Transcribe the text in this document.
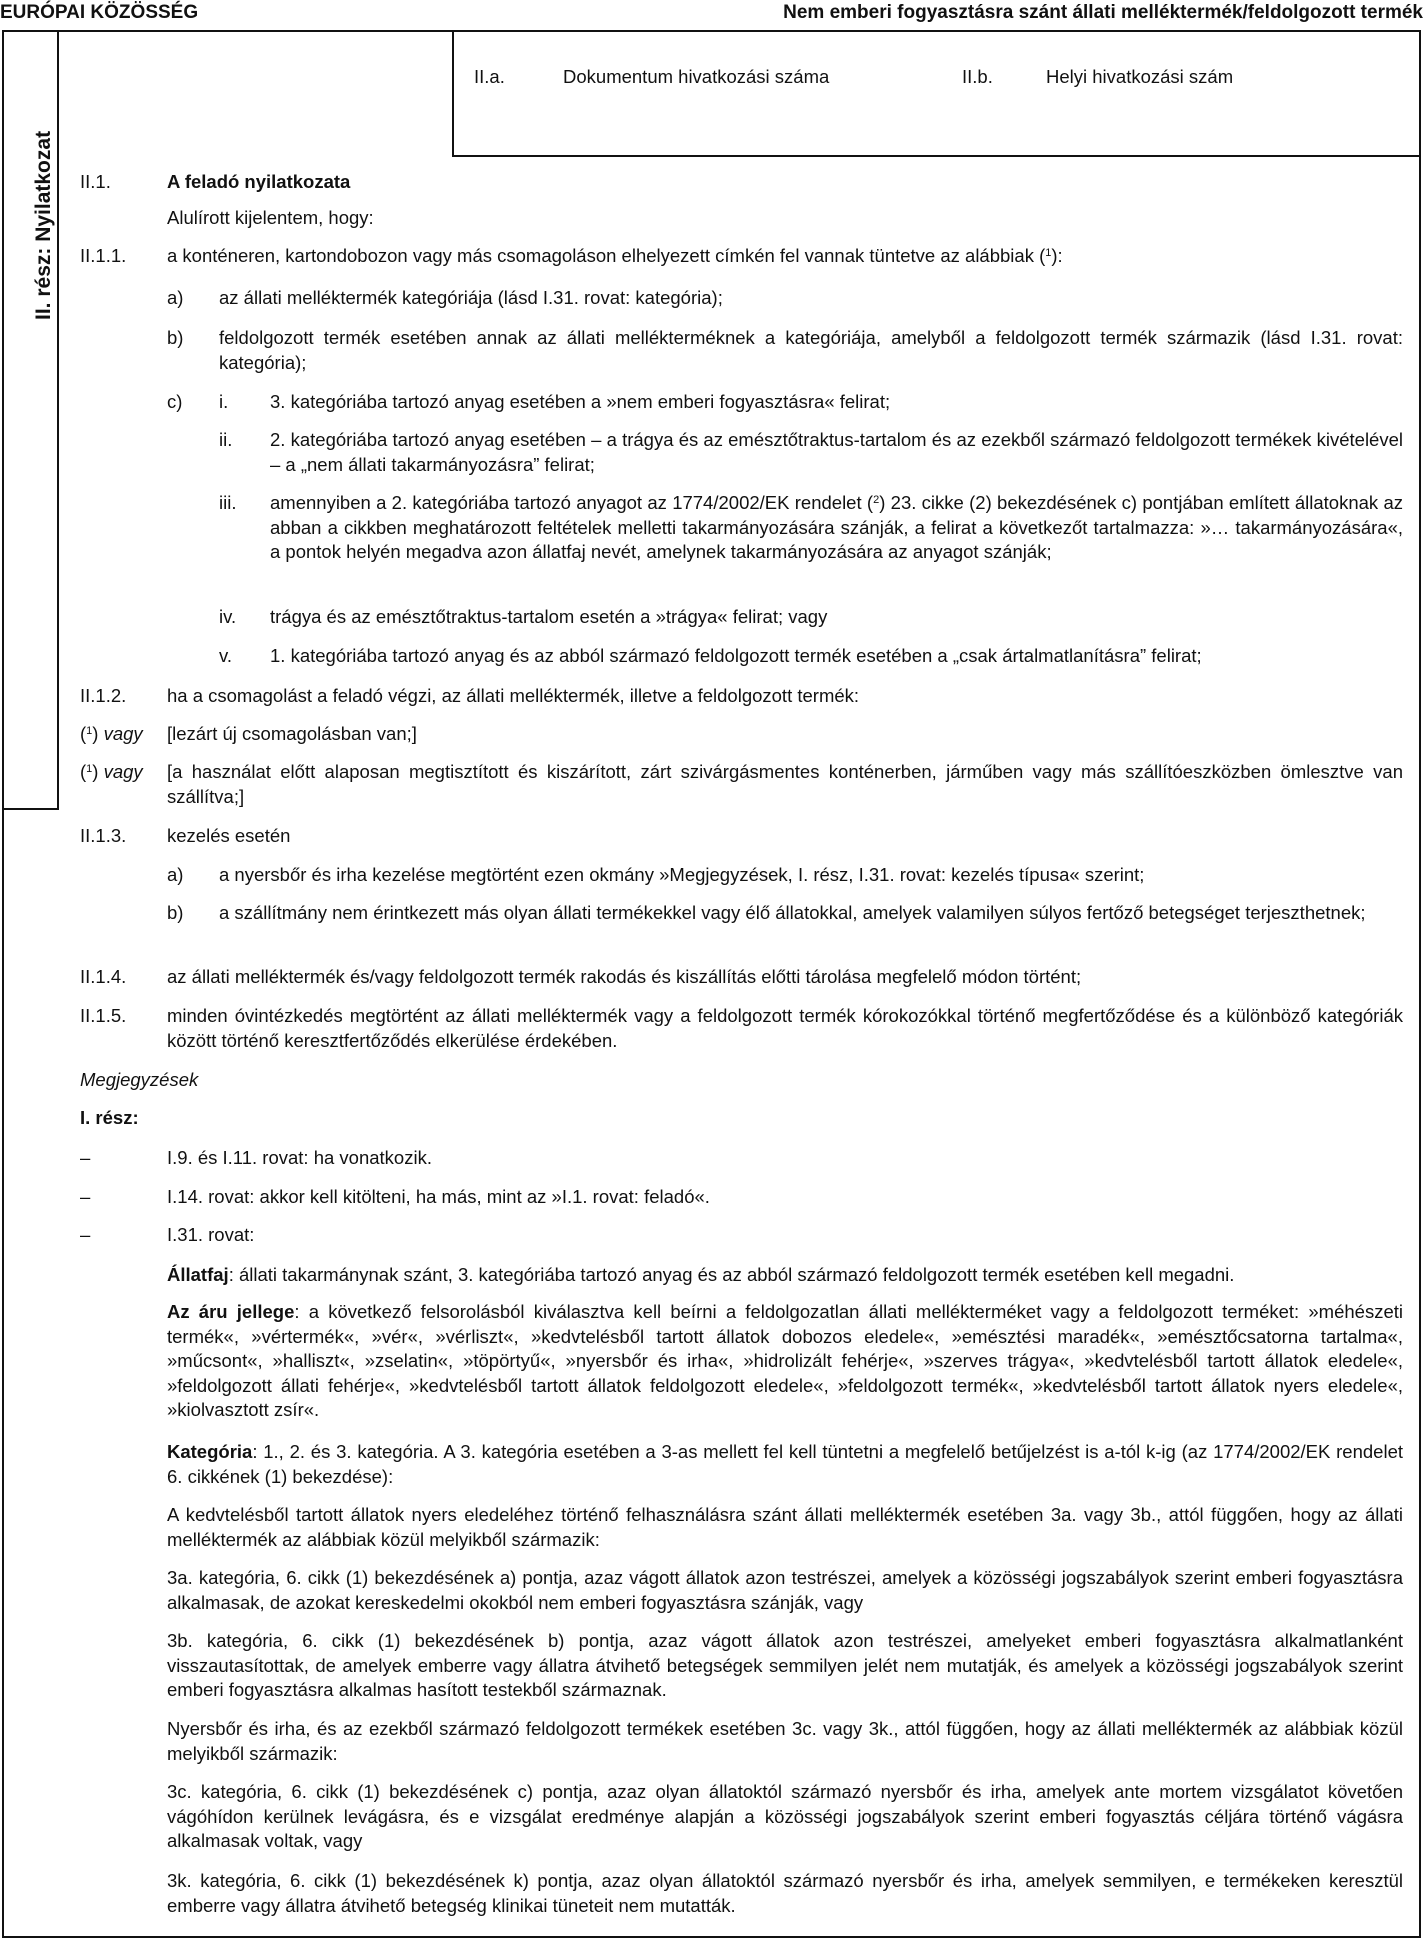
EURÓPAI KÖZÖSSÉG	Nem emberi fogyasztásra szánt állati melléktermék/feldolgozott termék
II. rész: Nyilatkozat
II.a.	Dokumentum hivatkozási száma	II.b.	Helyi hivatkozási szám
II.1.	A feladó nyilatkozata
Alulírott kijelentem, hogy:
II.1.1. a konténeren, kartondobozon vagy más csomagoláson elhelyezett címkén fel vannak tüntetve az alábbiak ($^1$):
a) az állati melléktermék kategóriája (lásd I.31. rovat: kategória);
b) feldolgozott termék esetében annak az állati mellékterméknek a kategóriája, amelyből a feldolgozott termék származik (lásd I.31. rovat: kategória);
c) i. 3. kategóriába tartozó anyag esetében a »nem emberi fogyasztásra« felirat;
ii. 2. kategóriába tartozó anyag esetében – a trágya és az emésztőtraktus-tartalom és az ezekből származó feldolgozott termékek kivételével – a „nem állati takarmányozásra” felirat;
iii. amennyiben a 2. kategóriába tartozó anyagot az 1774/2002/EK rendelet ($^2$) 23. cikke (2) bekezdésének c) pontjában említett állatoknak az abban a cikkben meghatározott feltételek melletti takarmányozására szánják, a felirat a következőt tartalmazza: »… takarmányozására«, a pontok helyén megadva azon állatfaj nevét, amelynek takarmányozására az anyagot szánják;
iv. trágya és az emésztőtraktus-tartalom esetén a »trágya« felirat; vagy
v. 1. kategóriába tartozó anyag és az abból származó feldolgozott termék esetében a „csak ártalmatlanításra” felirat;
II.1.2. ha a csomagolást a feladó végzi, az állati melléktermék, illetve a feldolgozott termék:
($^1$) vagy [lezárt új csomagolásban van;]
($^1$) vagy [a használat előtt alaposan megtisztított és kiszárított, zárt szivárgásmentes konténerben, járműben vagy más szállítóeszközben ömlesztve van szállítva;]
II.1.3. kezelés esetén
a) a nyersbőr és irha kezelése megtörtént ezen okmány »Megjegyzések, I. rész, I.31. rovat: kezelés típusa« szerint;
b) a szállítmány nem érintkezett más olyan állati termékekkel vagy élő állatokkal, amelyek valamilyen súlyos fertőző betegséget terjeszthetnek;
II.1.4. az állati melléktermék és/vagy feldolgozott termék rakodás és kiszállítás előtti tárolása megfelelő módon történt;
II.1.5. minden óvintézkedés megtörtént az állati melléktermék vagy a feldolgozott termék kórokozókkal történő megfertőződése és a különböző kategóriák között történő keresztfertőződés elkerülése érdekében.
Megjegyzések
I. rész:
–	I.9. és I.11. rovat: ha vonatkozik.
–	I.14. rovat: akkor kell kitölteni, ha más, mint az »I.1. rovat: feladó«.
–	I.31. rovat:
Állatfaj: állati takarmánynak szánt, 3. kategóriába tartozó anyag és az abból származó feldolgozott termék esetében kell megadni.
Az áru jellege: a következő felsorolásból kiválasztva kell beírni a feldolgozatlan állati mellékterméket vagy a feldolgozott terméket: »méhészeti termék«, »vértermék«, »vér«, »vérliszt«, »kedvtelésből tartott állatok dobozos eledele«, »emésztési maradék«, »emésztőcsatorna tartalma«, »műcsont«, »halliszt«, »zselatin«, »töpörtyű«, »nyersbőr és irha«, »hidrolizált fehérje«, »szerves trágya«, »kedvtelésből tartott állatok eledele«, »feldolgozott állati fehérje«, »kedvtelésből tartott állatok feldolgozott eledele«, »feldolgozott termék«, »kedvtelésből tartott állatok nyers eledele«, »kiolvasztott zsír«.
Kategória: 1., 2. és 3. kategória. A 3. kategória esetében a 3-as mellett fel kell tüntetni a megfelelő betűjelzést is a-tól k-ig (az 1774/2002/EK rendelet 6. cikkének (1) bekezdése):
A kedvtelésből tartott állatok nyers eledeléhez történő felhasználásra szánt állati melléktermék esetében 3a. vagy 3b., attól függően, hogy az állati melléktermék az alábbiak közül melyikből származik:
3a. kategória, 6. cikk (1) bekezdésének a) pontja, azaz vágott állatok azon testrészei, amelyek a közösségi jogszabályok szerint emberi fogyasztásra alkalmasak, de azokat kereskedelmi okokból nem emberi fogyasztásra szánják, vagy
3b. kategória, 6. cikk (1) bekezdésének b) pontja, azaz vágott állatok azon testrészei, amelyeket emberi fogyasztásra alkalmatlanként visszautasítottak, de amelyek emberre vagy állatra átvihető betegségek semmilyen jelét nem mutatják, és amelyek a közösségi jogszabályok szerint emberi fogyasztásra alkalmas hasított testekből származnak.
Nyersbőr és irha, és az ezekből származó feldolgozott termékek esetében 3c. vagy 3k., attól függően, hogy az állati melléktermék az alábbiak közül melyikből származik:
3c. kategória, 6. cikk (1) bekezdésének c) pontja, azaz olyan állatoktól származó nyersbőr és irha, amelyek ante mortem vizsgálatot követően vágóhídon kerülnek levágásra, és e vizsgálat eredménye alapján a közösségi jogszabályok szerint emberi fogyasztás céljára történő vágásra alkalmasak voltak, vagy
3k. kategória, 6. cikk (1) bekezdésének k) pontja, azaz olyan állatoktól származó nyersbőr és irha, amelyek semmilyen, e termékeken keresztül emberre vagy állatra átvihető betegség klinikai tüneteit nem mutatták.
